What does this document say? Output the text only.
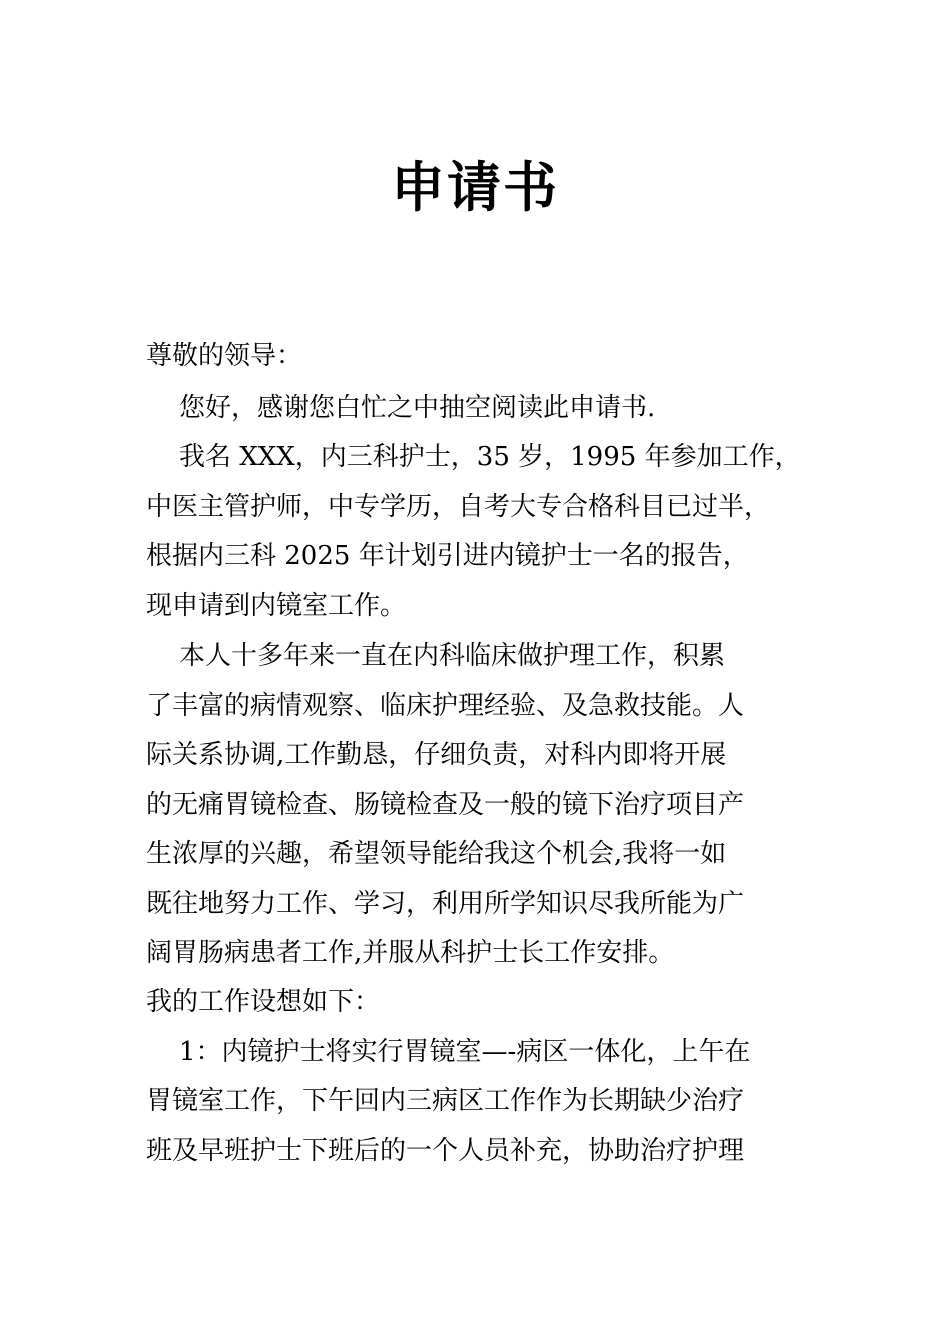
申请书
尊敬的领导：
您好，感谢您白忙之中抽空阅读此申请书.
我名 XXX，内三科护士，35 岁，1995 年参加工作，
中医主管护师，中专学历，自考大专合格科目已过半，
根据内三科 2025 年计划引进内镜护士一名的报告，
现申请到内镜室工作。
本人十多年来一直在内科临床做护理工作，积累
了丰富的病情观察、临床护理经验、及急救技能。人
际关系协调,工作勤恳，仔细负责，对科内即将开展
的无痛胃镜检查、肠镜检查及一般的镜下治疗项目产
生浓厚的兴趣，希望领导能给我这个机会,我将一如
既往地努力工作、学习，利用所学知识尽我所能为广
阔胃肠病患者工作,并服从科护士长工作安排。
我的工作设想如下：
1：内镜护士将实行胃镜室—-病区一体化，上午在
胃镜室工作，下午回内三病区工作作为长期缺少治疗
班及早班护士下班后的一个人员补充，协助治疗护理
